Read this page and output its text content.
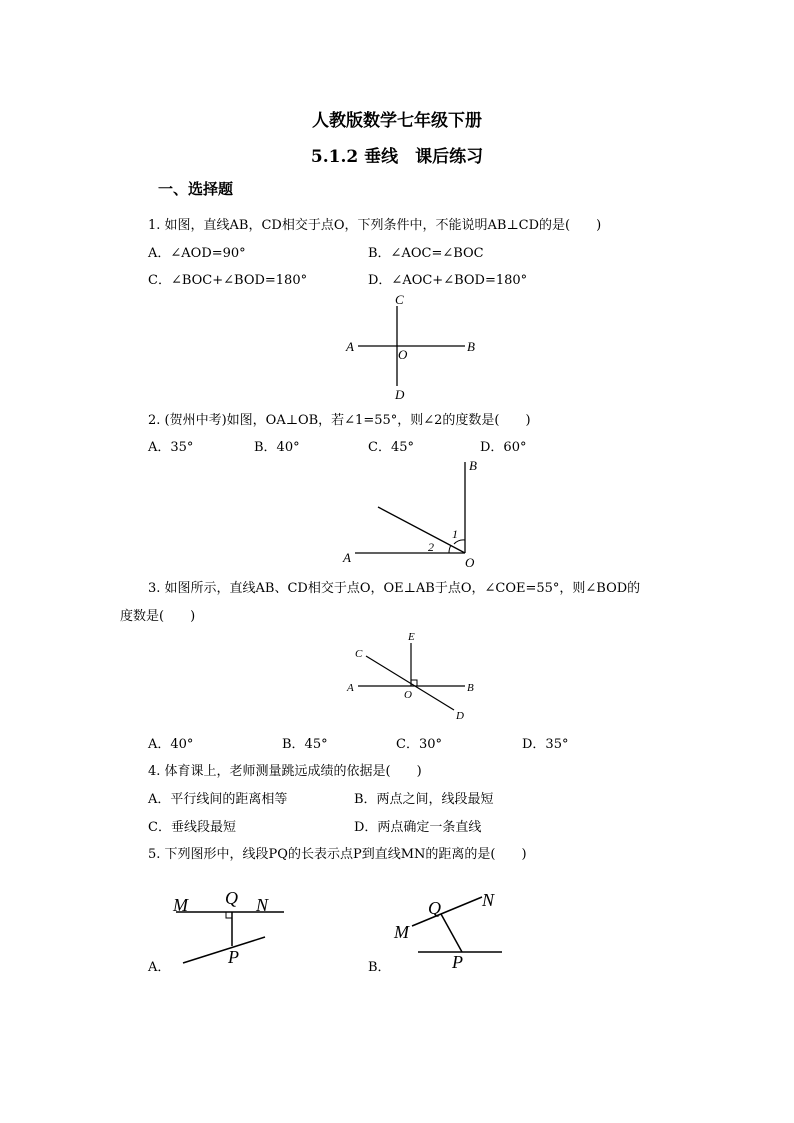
人教版数学七年级下册
5.1.2 垂线　课后练习
一、选择题
1. 如图，直线AB，CD相交于点O，下列条件中，不能说明AB⊥CD的是(　　)
A．∠AOD=90°	B．∠AOC=∠BOC
C．∠BOC+∠BOD=180°	D．∠AOC+∠BOD=180°
A	B
C
D
O
2. (贺州中考)如图，OA⊥OB，若∠1=55°，则∠2的度数是(　　)
A．35°	B．40°	C．45°	D．60°
A
B
O
1
2
3. 如图所示，直线AB、CD相交于点O，OE⊥AB于点O，∠COE=55°，则∠BOD的
度数是(　　)
A	B
C
D
E
O
A．40°	B．45°	C．30°	D．35°
4. 体育课上，老师测量跳远成绩的依据是(　　)
A．平行线间的距离相等	B．两点之间，线段最短
C．垂线段最短	D．两点确定一条直线
5. 下列图形中，线段PQ的长表示点P到直线MN的距离的是(　　)
M Q N
P
A．
M
Q N
P
B．
